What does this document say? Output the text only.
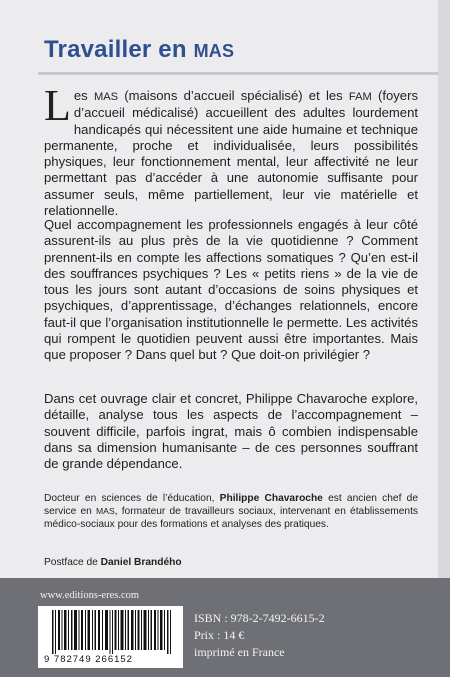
Travailler en MAS
Les MAS (maisons d’accueil spécialisé) et les FAM (foyers d’accueil médicalisé) accueillent des adultes lourdement handicapés qui nécessitent une aide humaine et technique permanente, proche et individualisée, leurs possibilités physiques, leur fonctionnement mental, leur affectivité ne leur permettant pas d’accéder à une autonomie suffisante pour assumer seuls, même partiellement, leur vie matérielle et relationnelle.
Quel accompagnement les professionnels engagés à leur côté assurent-ils au plus près de la vie quotidienne ? Comment prennent-ils en compte les affections somatiques ? Qu’en est-il des souffrances psychiques ? Les « petits riens » de la vie de tous les jours sont autant d’occasions de soins physiques et psychiques, d’apprentissage, d’échanges relationnels, encore faut-il que l’organisation institutionnelle le permette. Les activités qui rompent le quotidien peuvent aussi être importantes. Mais que proposer ? Dans quel but ? Que doit-on privilégier ?
Dans cet ouvrage clair et concret, Philippe Chavaroche explore, détaille, analyse tous les aspects de l’accompagnement – souvent difficile, parfois ingrat, mais ô combien indispensable dans sa dimension humanisante – de ces personnes souffrant de grande dépendance.
Docteur en sciences de l’éducation, Philippe Chavaroche est ancien chef de service en MAS, formateur de travailleurs sociaux, intervenant en établissements médico-sociaux pour des formations et analyses des pratiques.
Postface de Daniel Brandého
www.editions-eres.com
9 782749 266152
ISBN : 978-2-7492-6615-2
Prix : 14 €
imprimé en France
